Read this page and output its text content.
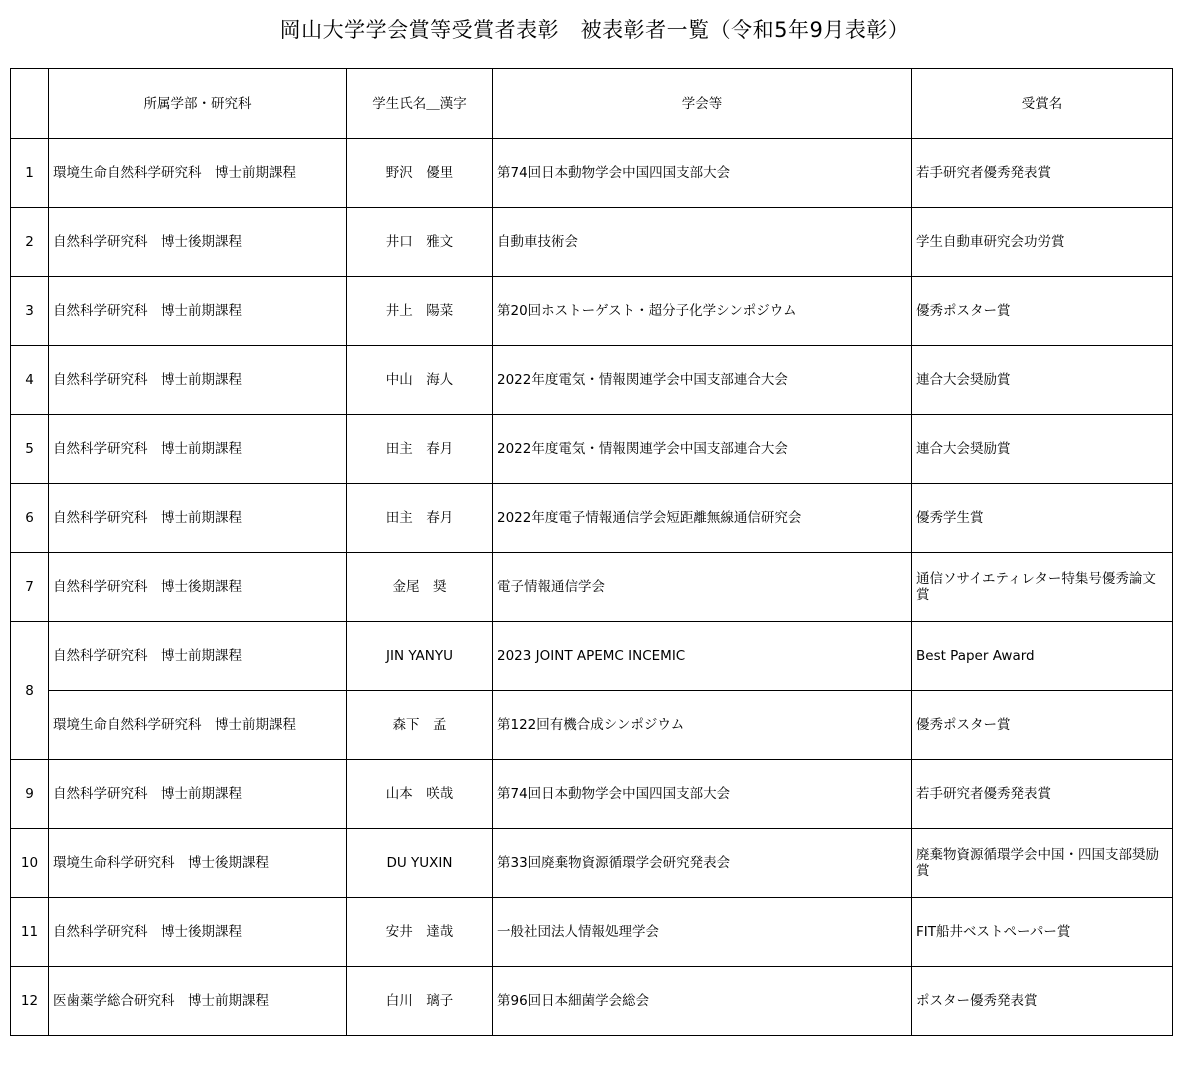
岡山大学学会賞等受賞者表彰　被表彰者一覧（令和5年9月表彰）
	所属学部・研究科	学生氏名＿漢字	学会等	受賞名
1	環境生命自然科学研究科　博士前期課程	野沢　優里	第74回日本動物学会中国四国支部大会	若手研究者優秀発表賞
2	自然科学研究科　博士後期課程	井口　雅文	自動車技術会	学生自動車研究会功労賞
3	自然科学研究科　博士前期課程	井上　陽菜	第20回ホストーゲスト・超分子化学シンポジウム	優秀ポスター賞
4	自然科学研究科　博士前期課程	中山　海人	2022年度電気・情報関連学会中国支部連合大会	連合大会奨励賞
5	自然科学研究科　博士前期課程	田主　春月	2022年度電気・情報関連学会中国支部連合大会	連合大会奨励賞
6	自然科学研究科　博士前期課程	田主　春月	2022年度電子情報通信学会短距離無線通信研究会	優秀学生賞
7	自然科学研究科　博士後期課程	金尾　奨	電子情報通信学会	通信ソサイエティレター特集号優秀論文賞
8	自然科学研究科　博士前期課程	JIN YANYU	2023 JOINT APEMC INCEMIC	Best Paper Award
	環境生命自然科学研究科　博士前期課程	森下　孟	第122回有機合成シンポジウム	優秀ポスター賞
9	自然科学研究科　博士前期課程	山本　咲哉	第74回日本動物学会中国四国支部大会	若手研究者優秀発表賞
10	環境生命科学研究科　博士後期課程	DU YUXIN	第33回廃棄物資源循環学会研究発表会	廃棄物資源循環学会中国・四国支部奨励賞
11	自然科学研究科　博士後期課程	安井　達哉	一般社団法人情報処理学会	FIT船井ベストペーパー賞
12	医歯薬学総合研究科　博士前期課程	白川　璃子	第96回日本細菌学会総会	ポスター優秀発表賞
